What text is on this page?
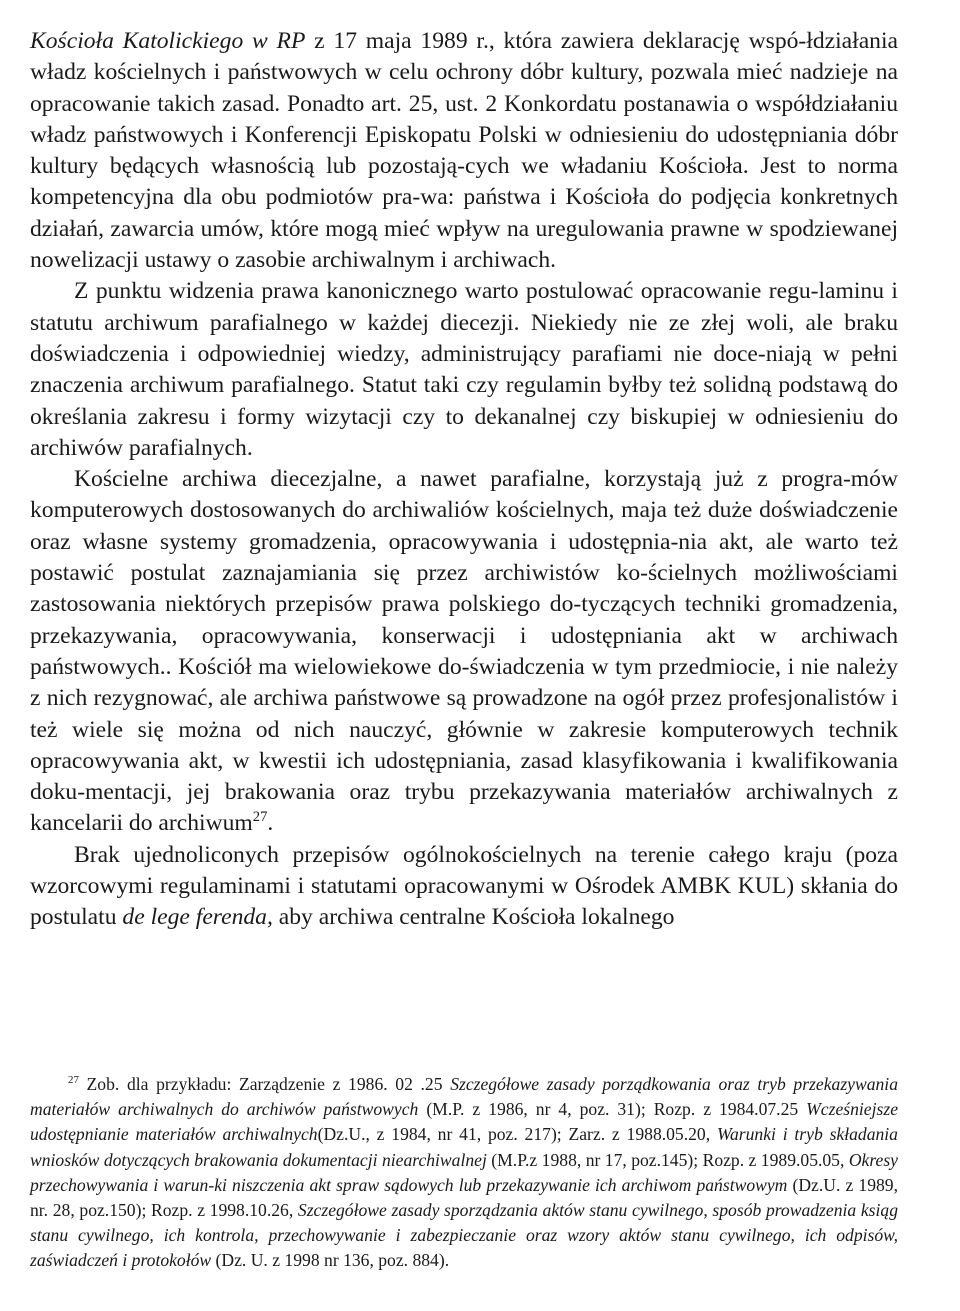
Kościoła Katolickiego w RP z 17 maja 1989 r., która zawiera deklarację wspó-łdziałania władz kościelnych i państwowych w celu ochrony dóbr kultury, pozwala mieć nadzieje na opracowanie takich zasad. Ponadto art. 25, ust. 2 Konkordatu postanawia o współdziałaniu władz państwowych i Konferencji Episkopatu Polski w odniesieniu do udostępniania dóbr kultury będących własnością lub pozostają-cych we władaniu Kościoła. Jest to norma kompetencyjna dla obu podmiotów pra-wa: państwa i Kościoła do podjęcia konkretnych działań, zawarcia umów, które mogą mieć wpływ na uregulowania prawne w spodziewanej nowelizacji ustawy o zasobie archiwalnym i archiwach.

Z punktu widzenia prawa kanonicznego warto postulować opracowanie regu-laminu i statutu archiwum parafialnego w każdej diecezji. Niekiedy nie ze złej woli, ale braku doświadczenia i odpowiedniej wiedzy, administrujący parafiami nie doce-niają w pełni znaczenia archiwum parafialnego. Statut taki czy regulamin byłby też solidną podstawą do określania zakresu i formy wizytacji czy to dekanalnej czy biskupiej w odniesieniu do archiwów parafialnych.

Kościelne archiwa diecezjalne, a nawet parafialne, korzystają już z progra-mów komputerowych dostosowanych do archiwaliów kościelnych, maja też duże doświadczenie oraz własne systemy gromadzenia, opracowywania i udostępnia-nia akt, ale warto też postawić postulat zaznajamiania się przez archiwistów ko-ścielnych możliwościami zastosowania niektórych przepisów prawa polskiego do-tyczących techniki gromadzenia, przekazywania, opracowywania, konserwacji i udostępniania akt w archiwach państwowych.. Kościół ma wielowiekowe do-świadczenia w tym przedmiocie, i nie należy z nich rezygnować, ale archiwa państwowe są prowadzone na ogół przez profesjonalistów i też wiele się można od nich nauczyć, głównie w zakresie komputerowych technik opracowywania akt, w kwestii ich udostępniania, zasad klasyfikowania i kwalifikowania doku-mentacji, jej brakowania oraz trybu przekazywania materiałów archiwalnych z kancelarii do archiwum$^{27}$.

Brak ujednoliconych przepisów ogólnokościelnych na terenie całego kraju (poza wzorcowymi regulaminami i statutami opracowanymi w Ośrodek AMBK KUL) skłania do postulatu de lege ferenda, aby archiwa centralne Kościoła lokalnego

$^{27}$ Zob. dla przykładu: Zarządzenie z 1986. 02 .25 Szczegółowe zasady porządkowania oraz tryb przekazywania materiałów archiwalnych do archiwów państwowych (M.P. z 1986, nr 4, poz. 31); Rozp. z 1984.07.25 Wcześniejsze udostępnianie materiałów archiwalnych(Dz.U., z 1984, nr 41, poz. 217); Zarz. z 1988.05.20, Warunki i tryb składania wniosków dotyczących brakowania dokumentacji niearchiwalnej (M.P.z 1988, nr 17, poz.145); Rozp. z 1989.05.05, Okresy przechowywania i warun-ki niszczenia akt spraw sądowych lub przekazywanie ich archiwom państwowym (Dz.U. z 1989, nr. 28, poz.150); Rozp. z 1998.10.26, Szczegółowe zasady sporządzania aktów stanu cywilnego, sposób prowadzenia ksiąg stanu cywilnego, ich kontrola, przechowywanie i zabezpieczanie oraz wzory aktów stanu cywilnego, ich odpisów, zaświadczeń i protokołów (Dz. U. z 1998 nr 136, poz. 884).
